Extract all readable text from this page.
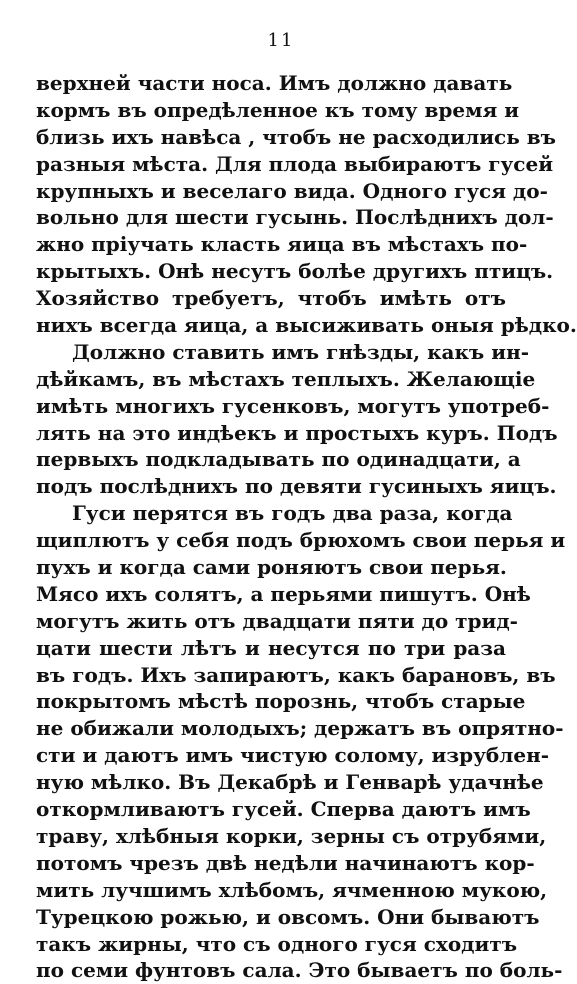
11
верхней части носа. Имъ должно давать
кормъ въ опредѣленное къ тому время и
близь ихъ навѣса , чтобъ не расходились въ
разныя мѣста. Для плода выбираютъ гусей
крупныхъ и веселаго вида. Одного гуся до-
вольно для шести гусынь. Послѣднихъ дол-
жно пріучать класть яица въ мѣстахъ по-
крытыхъ. Онѣ несутъ болѣе другихъ птицъ.
Хозяйство требуетъ, чтобъ имѣть отъ
нихъ всегда яица, а высиживать оныя рѣдко.
Должно ставить имъ гнѣзды, какъ ин-
дѣйкамъ, въ мѣстахъ теплыхъ. Желающіе
имѣть многихъ гусенковъ, могутъ употреб-
лять на это индѣекъ и простыхъ куръ. Подъ
первыхъ подкладывать по одинадцати, а
подъ послѣднихъ по девяти гусиныхъ яицъ.
Гуси перятся въ годъ два раза, когда
щиплютъ у себя подъ брюхомъ свои перья и
пухъ и когда сами роняютъ свои перья.
Мясо ихъ солятъ, а перьями пишутъ. Онѣ
могутъ жить отъ двадцати пяти до трид-
цати шести лѣтъ и несутся по три раза
въ годъ. Ихъ запираютъ, какъ барановъ, въ
покрытомъ мѣстѣ порознь, чтобъ старые
не обижали молодыхъ; держатъ въ опрятно-
сти и даютъ имъ чистую солому, изрублен-
ную мѣлко. Въ Декабрѣ и Генварѣ удачнѣе
откормливаютъ гусей. Сперва даютъ имъ
траву, хлѣбныя корки, зерны съ отрубями,
потомъ чрезъ двѣ недѣли начинаютъ кор-
мить лучшимъ хлѣбомъ, ячменною мукою,
Турецкою рожью, и овсомъ. Они бываютъ
такъ жирны, что съ одного гуся сходитъ
по семи фунтовъ сала. Это бываетъ по боль-
